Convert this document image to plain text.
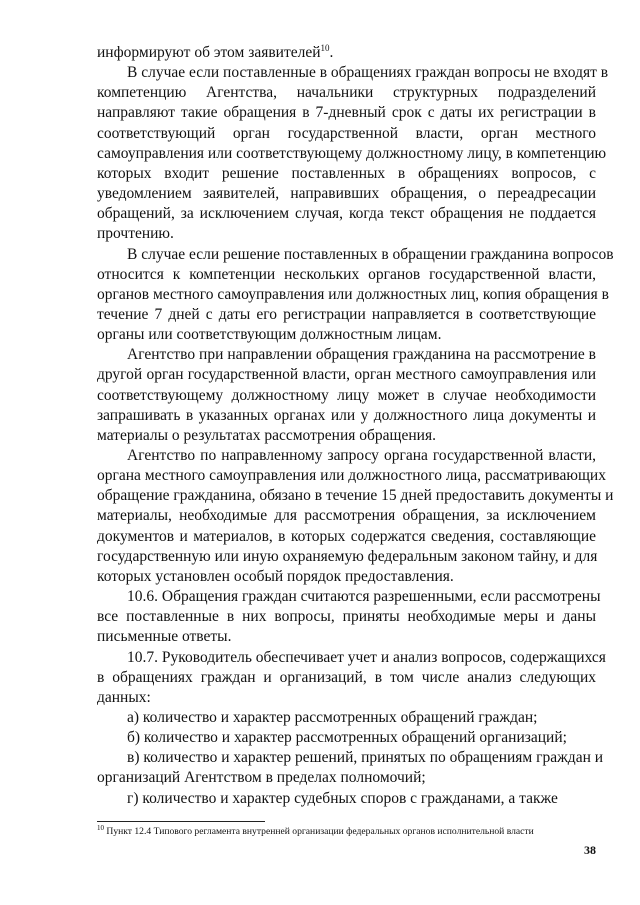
информируют об этом заявителей$^{10}$.
В случае если поставленные в обращениях граждан вопросы не входят в
компетенцию Агентства, начальники структурных подразделений
направляют такие обращения в 7-дневный срок с даты их регистрации в
соответствующий орган государственной власти, орган местного
самоуправления или соответствующему должностному лицу, в компетенцию
которых входит решение поставленных в обращениях вопросов, с
уведомлением заявителей, направивших обращения, о переадресации
обращений, за исключением случая, когда текст обращения не поддается
прочтению.
В случае если решение поставленных в обращении гражданина вопросов
относится к компетенции нескольких органов государственной власти,
органов местного самоуправления или должностных лиц, копия обращения в
течение 7 дней с даты его регистрации направляется в соответствующие
органы или соответствующим должностным лицам.
Агентство при направлении обращения гражданина на рассмотрение в
другой орган государственной власти, орган местного самоуправления или
соответствующему должностному лицу может в случае необходимости
запрашивать в указанных органах или у должностного лица документы и
материалы о результатах рассмотрения обращения.
Агентство по направленному запросу органа государственной власти,
органа местного самоуправления или должностного лица, рассматривающих
обращение гражданина, обязано в течение 15 дней предоставить документы и
материалы, необходимые для рассмотрения обращения, за исключением
документов и материалов, в которых содержатся сведения, составляющие
государственную или иную охраняемую федеральным законом тайну, и для
которых установлен особый порядок предоставления.
10.6. Обращения граждан считаются разрешенными, если рассмотрены
все поставленные в них вопросы, приняты необходимые меры и даны
письменные ответы.
10.7. Руководитель обеспечивает учет и анализ вопросов, содержащихся
в обращениях граждан и организаций, в том числе анализ следующих
данных:
а) количество и характер рассмотренных обращений граждан;
б) количество и характер рассмотренных обращений организаций;
в) количество и характер решений, принятых по обращениям граждан и
организаций Агентством в пределах полномочий;
г) количество и характер судебных споров с гражданами, а также
$^{10}$ Пункт 12.4 Типового регламента внутренней организации федеральных органов исполнительной власти
38
